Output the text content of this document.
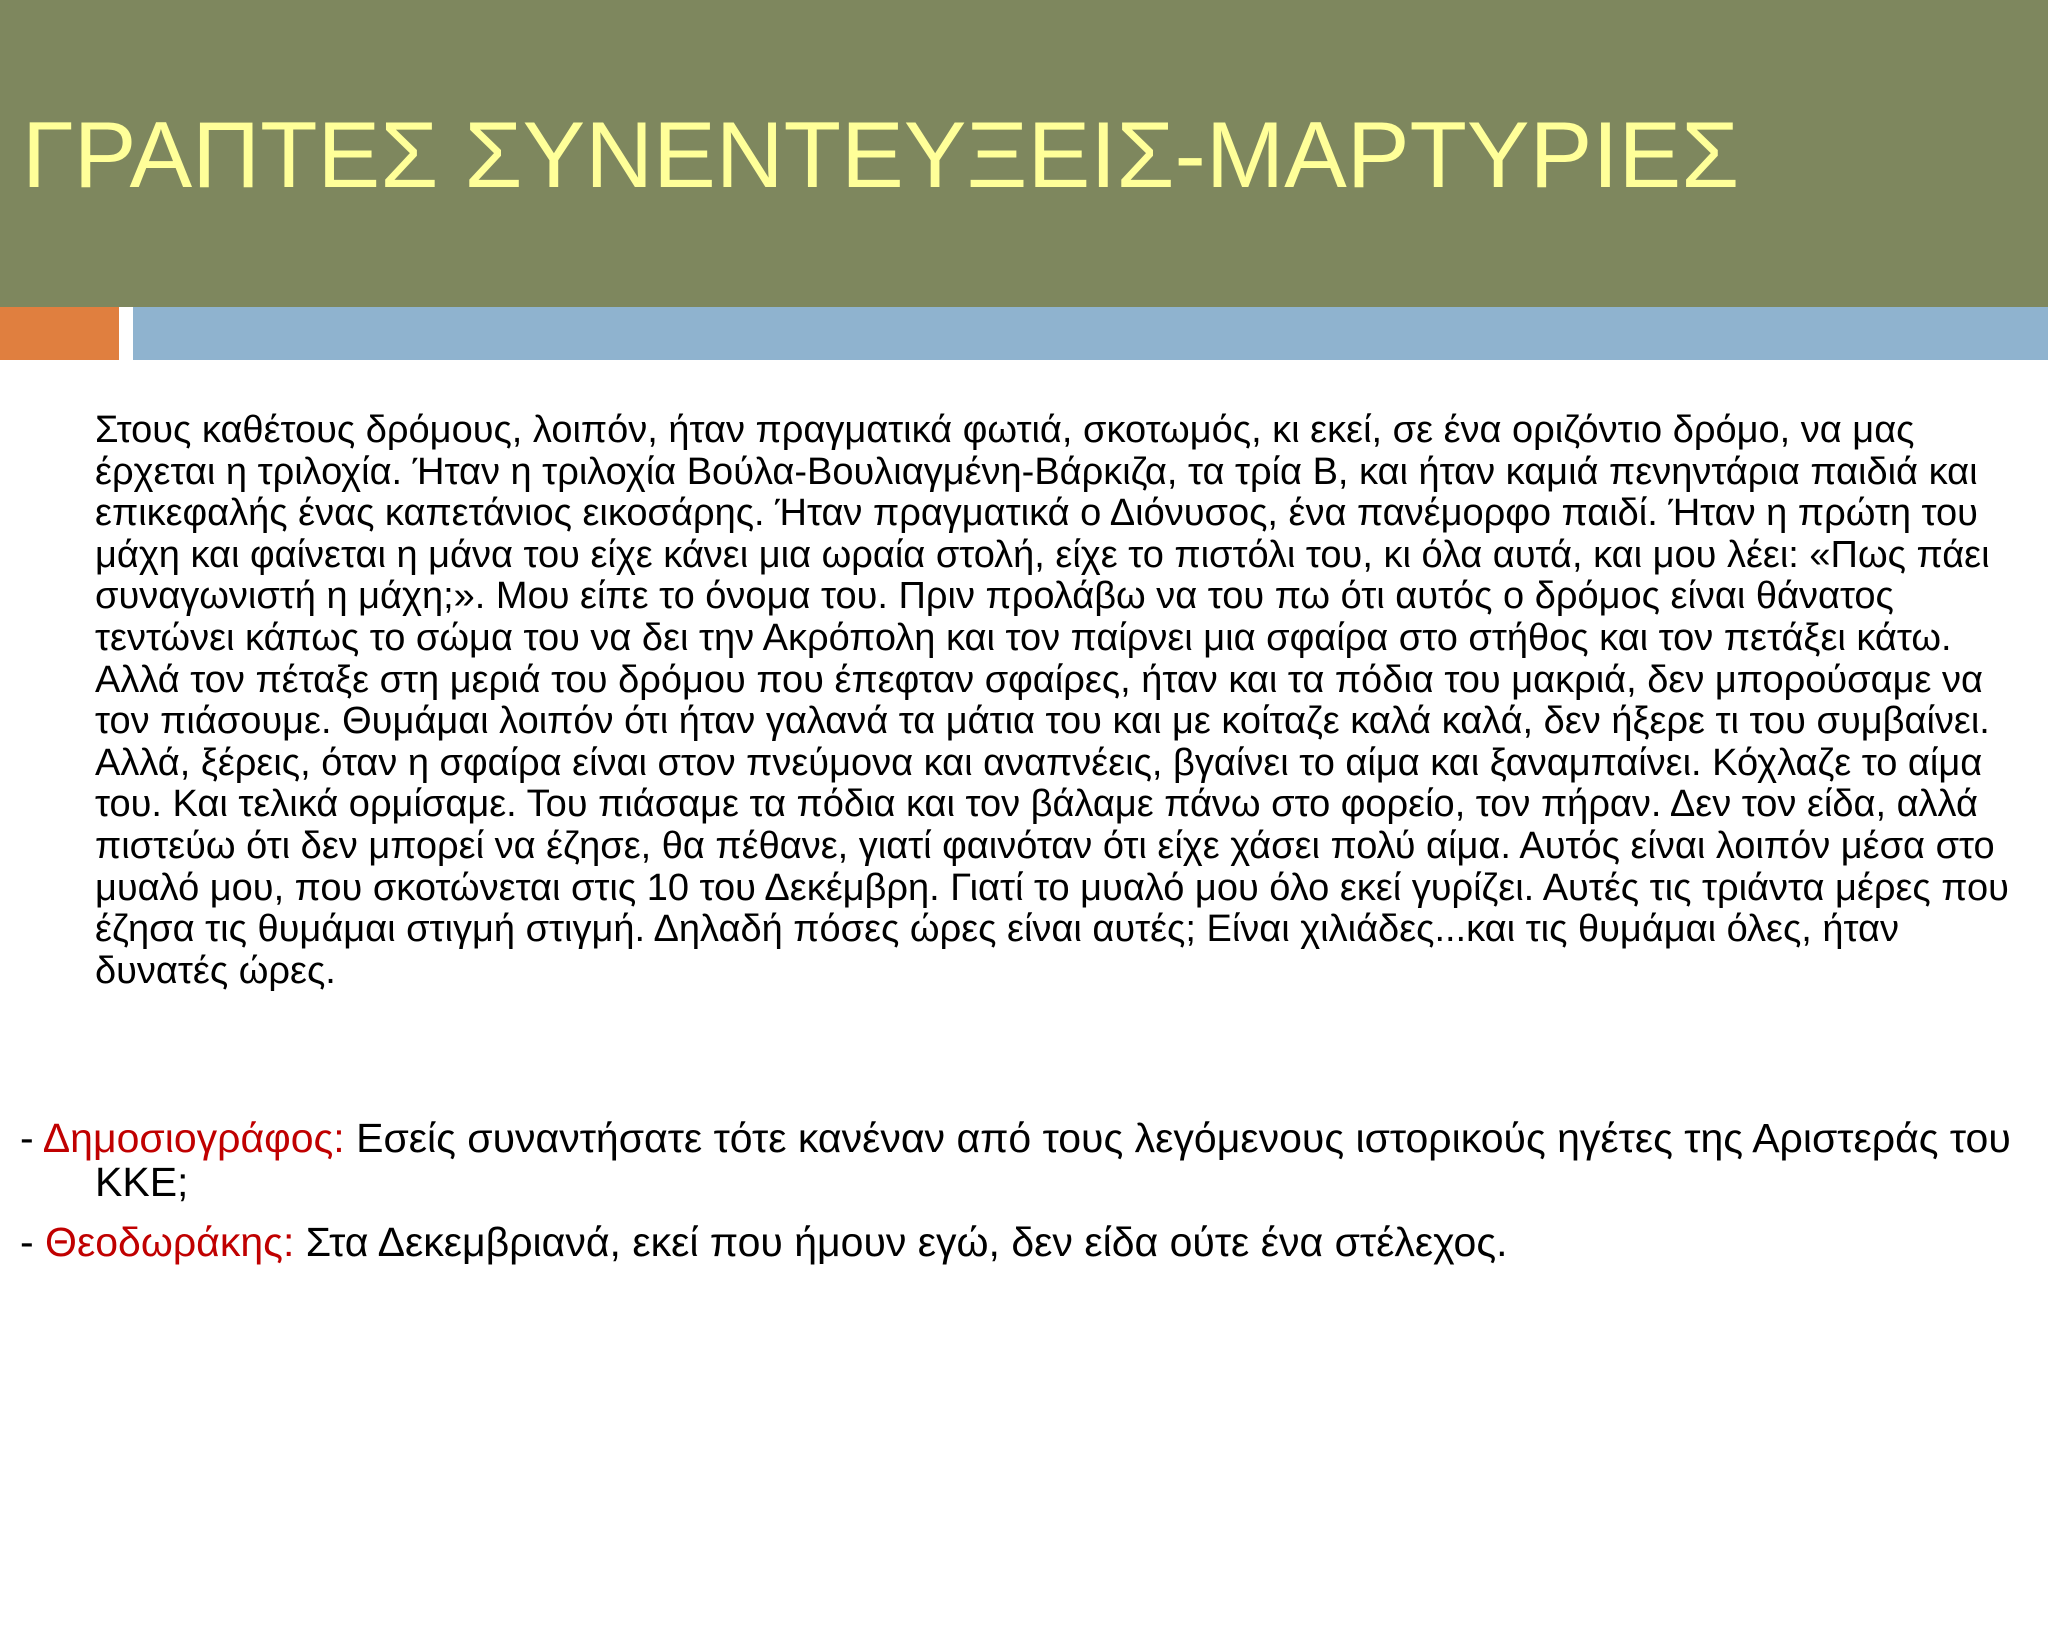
ΓΡΑΠΤΕΣ ΣΥΝΕΝΤΕΥΞΕΙΣ-ΜΑΡΤΥΡΙΕΣ

Στους καθέτους δρόμους, λοιπόν, ήταν πραγματικά φωτιά, σκοτωμός, κι εκεί, σε ένα οριζόντιο δρόμο, να μας έρχεται η τριλοχία. Ήταν η τριλοχία Βούλα-Βουλιαγμένη-Βάρκιζα, τα τρία Β, και ήταν καμιά πενηντάρια παιδιά και επικεφαλής ένας καπετάνιος εικοσάρης. Ήταν πραγματικά ο Διόνυσος, ένα πανέμορφο παιδί. Ήταν η πρώτη του μάχη και φαίνεται η μάνα του είχε κάνει μια ωραία στολή, είχε το πιστόλι του, κι όλα αυτά, και μου λέει: «Πως πάει συναγωνιστή η μάχη;». Μου είπε το όνομα του. Πριν προλάβω να του πω ότι αυτός ο δρόμος είναι θάνατος τεντώνει κάπως το σώμα του να δει την Ακρόπολη και τον παίρνει μια σφαίρα στο στήθος και τον πετάξει κάτω. Αλλά τον πέταξε στη μεριά του δρόμου που έπεφταν σφαίρες, ήταν και τα πόδια του μακριά, δεν μπορούσαμε να τον πιάσουμε. Θυμάμαι λοιπόν ότι ήταν γαλανά τα μάτια του και με κοίταζε καλά καλά, δεν ήξερε τι του συμβαίνει. Αλλά, ξέρεις, όταν η σφαίρα είναι στον πνεύμονα και αναπνέεις, βγαίνει το αίμα και ξαναμπαίνει. Κόχλαζε το αίμα του. Και τελικά ορμίσαμε. Του πιάσαμε τα πόδια και τον βάλαμε πάνω στο φορείο, τον πήραν. Δεν τον είδα, αλλά πιστεύω ότι δεν μπορεί να έζησε, θα πέθανε, γιατί φαινόταν ότι είχε χάσει πολύ αίμα. Αυτός είναι λοιπόν μέσα στο μυαλό μου, που σκοτώνεται στις 10 του Δεκέμβρη. Γιατί το μυαλό μου όλο εκεί γυρίζει. Αυτές τις τριάντα μέρες που έζησα τις θυμάμαι στιγμή στιγμή. Δηλαδή πόσες ώρες είναι αυτές; Είναι χιλιάδες...και τις θυμάμαι όλες, ήταν δυνατές ώρες.

- Δημοσιογράφος: Εσείς συναντήσατε τότε κανέναν από τους λεγόμενους ιστορικούς ηγέτες της Αριστεράς του ΚΚΕ;

- Θεοδωράκης: Στα Δεκεμβριανά, εκεί που ήμουν εγώ, δεν είδα ούτε ένα στέλεχος.
